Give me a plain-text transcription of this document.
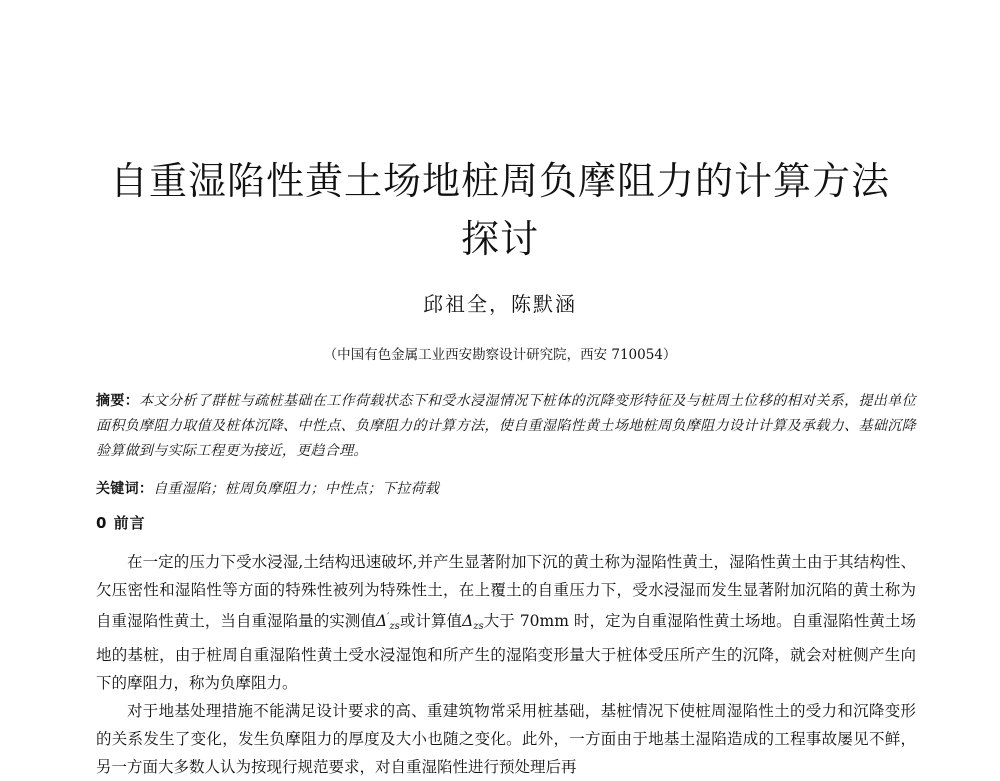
自重湿陷性黄土场地桩周负摩阻力的计算方法探讨
邱祖全，陈默涵
（中国有色金属工业西安勘察设计研究院，西安 710054）

摘要：本文分析了群桩与疏桩基础在工作荷载状态下和受水浸湿情况下桩体的沉降变形特征及与桩周土位移的相对关系，提出单位面积负摩阻力取值及桩体沉降、中性点、负摩阻力的计算方法，使自重湿陷性黄土场地桩周负摩阻力设计计算及承载力、基础沉降验算做到与实际工程更为接近，更趋合理。

关键词：自重湿陷；桩周负摩阻力；中性点；下拉荷载
0 前言

在一定的压力下受水浸湿,土结构迅速破坏,并产生显著附加下沉的黄土称为湿陷性黄土，湿陷性黄土由于其结构性、欠压密性和湿陷性等方面的特殊性被列为特殊性土，在上覆土的自重压力下，受水浸湿而发生显著附加沉陷的黄土称为自重湿陷性黄土，当自重湿陷量的实测值$\Delta'_{zs}$或计算值$\Delta_{zs}$大于 70mm 时，定为自重湿陷性黄土场地。自重湿陷性黄土场地的基桩，由于桩周自重湿陷性黄土受水浸湿饱和所产生的湿陷变形量大于桩体受压所产生的沉降，就会对桩侧产生向下的摩阻力，称为负摩阻力。

对于地基处理措施不能满足设计要求的高、重建筑物常采用桩基础，基桩情况下使桩周湿陷性土的受力和沉降变形的关系发生了变化，发生负摩阻力的厚度及大小也随之变化。此外，一方面由于地基土湿陷造成的工程事故屡见不鲜，另一方面大多数人认为按现行规范要求，对自重湿陷性进行预处理后再
